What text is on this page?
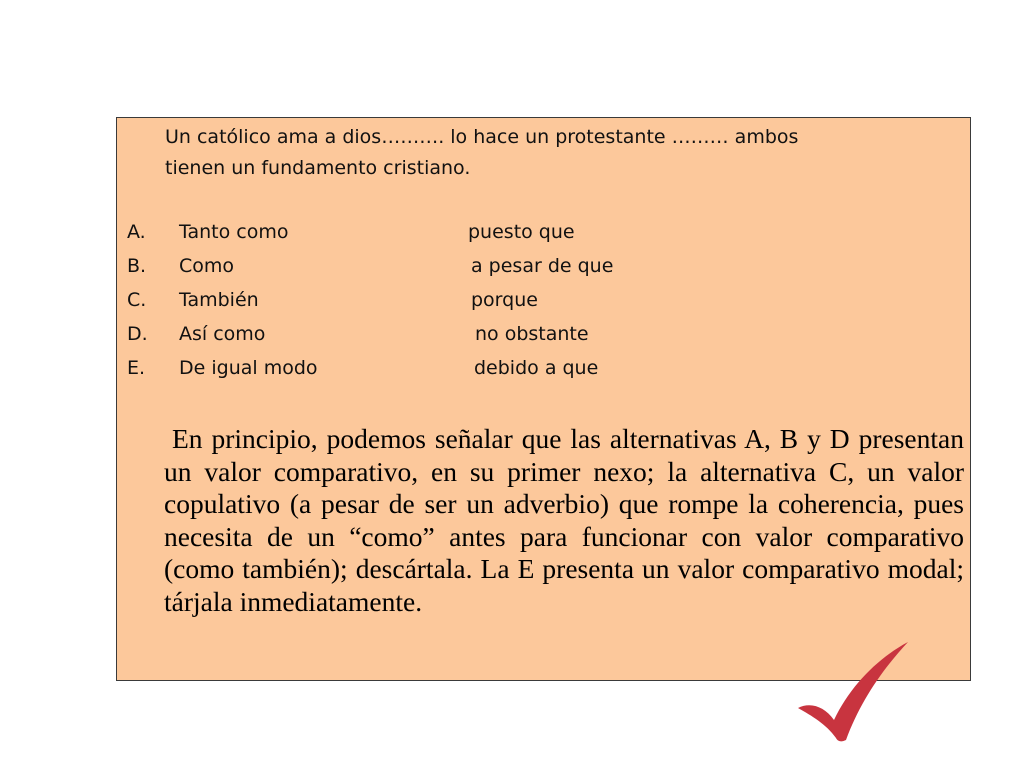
Un católico ama a dios………. lo hace un protestante ……… ambos
tienen un fundamento cristiano.
A. Tanto como	puesto que
B. Como	a pesar de que
C. También	porque
D. Así como	no obstante
E. De igual modo	debido a que
En principio, podemos señalar que las alternativas A, B y D presentan un valor comparativo, en su primer nexo; la alternativa C, un valor copulativo (a pesar de ser un adverbio) que rompe la coherencia, pues necesita de un “como” antes para funcionar con valor comparativo (como también); descártala. La E presenta un valor comparativo modal; tárjala inmediatamente.
